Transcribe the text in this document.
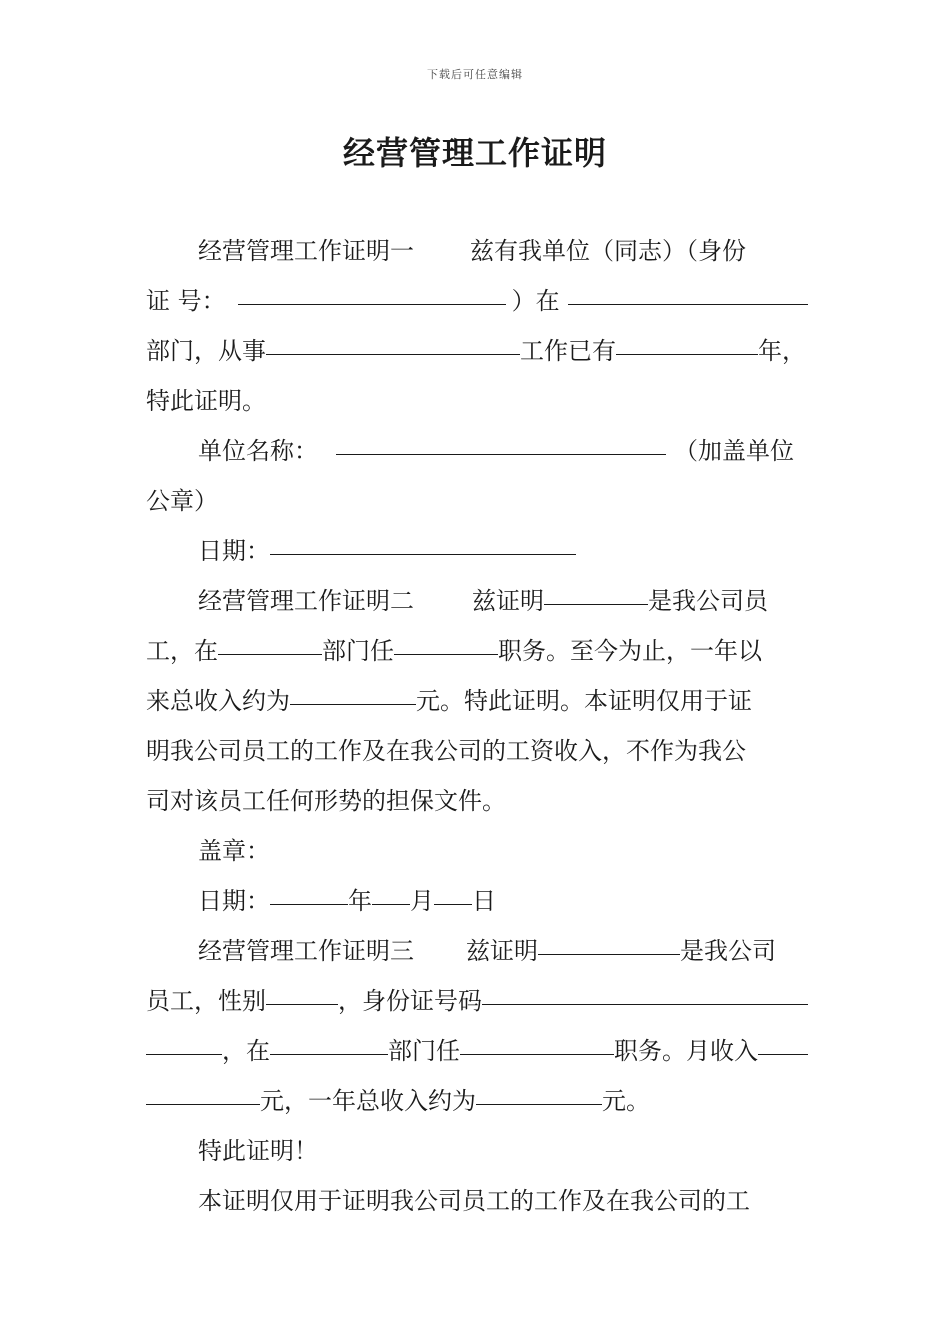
下载后可任意编辑
经营管理工作证明
经营管理工作证明一 兹有我单位（同志）（身份
证 号：	）在
部门，从事	工作已有	年，
特此证明。
单位名称：	（加盖单位
公章）
日期：
经营管理工作证明二 兹证明	是我公司员
工，在	部门任	职务。至今为止，一年以
来总收入约为	元。特此证明。本证明仅用于证
明我公司员工的工作及在我公司的工资收入，不作为我公
司对该员工任何形势的担保文件。
盖章：
日期：	年 月 日
经营管理工作证明三 兹证明	是我公司
员工，性别	，身份证号码
，在	部门任	职务。月收入
元，一年总收入约为	元。
特此证明！
本证明仅用于证明我公司员工的工作及在我公司的工
